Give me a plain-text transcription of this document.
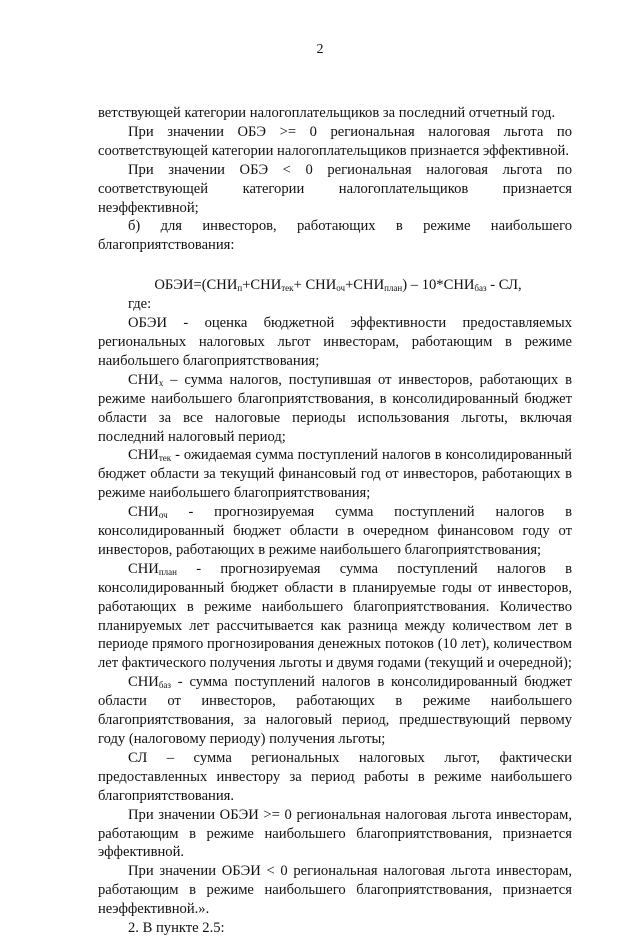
2

ветствующей категории налогоплательщиков за последний отчетный год.

При значении ОБЭ >= 0 региональная налоговая льгота по соответствующей категории налогоплательщиков признается эффективной.

При значении ОБЭ < 0 региональная налоговая льгота по соответствующей категории налогоплательщиков признается неэффективной;

б) для инвесторов, работающих в режиме наибольшего благоприятствования:

$ОБЭИ=(СНИ_п+СНИ_{тек}+ СНИ_{оч}+СНИ_{план}) - 10*СНИ_{баз}$ - СЛ,

где:

ОБЭИ - оценка бюджетной эффективности предоставляемых региональных налоговых льгот инвесторам, работающим в режиме наибольшего благоприятствования;

$СНИ_x$ – сумма налогов, поступившая от инвесторов, работающих в режиме наибольшего благоприятствования, в консолидированный бюджет области за все налоговые периоды использования льготы, включая последний налоговый период;

$СНИ_{тек}$ - ожидаемая сумма поступлений налогов в консолидированный бюджет области за текущий финансовый год от инвесторов, работающих в режиме наибольшего благоприятствования;

$СНИ_{оч}$ - прогнозируемая сумма поступлений налогов в консолидированный бюджет области в очередном финансовом году от инвесторов, работающих в режиме наибольшего благоприятствования;

$СНИ_{план}$ - прогнозируемая сумма поступлений налогов в консолидированный бюджет области в планируемые годы от инвесторов, работающих в режиме наибольшего благоприятствования. Количество планируемых лет рассчитывается как разница между количеством лет в периоде прямого прогнозирования денежных потоков (10 лет), количеством лет фактического получения льготы и двумя годами (текущий и очередной);

$СНИ_{баз}$ - сумма поступлений налогов в консолидированный бюджет области от инвесторов, работающих в режиме наибольшего благоприятствования, за налоговый период, предшествующий первому году (налоговому периоду) получения льготы;

СЛ – сумма региональных налоговых льгот, фактически предоставленных инвестору за период работы в режиме наибольшего благоприятствования.

При значении ОБЭИ >= 0 региональная налоговая льгота инвесторам, работающим в режиме наибольшего благоприятствования, признается эффективной.

При значении ОБЭИ < 0 региональная налоговая льгота инвесторам, работающим в режиме наибольшего благоприятствования, признается неэффективной.».

2. В пункте 2.5:
